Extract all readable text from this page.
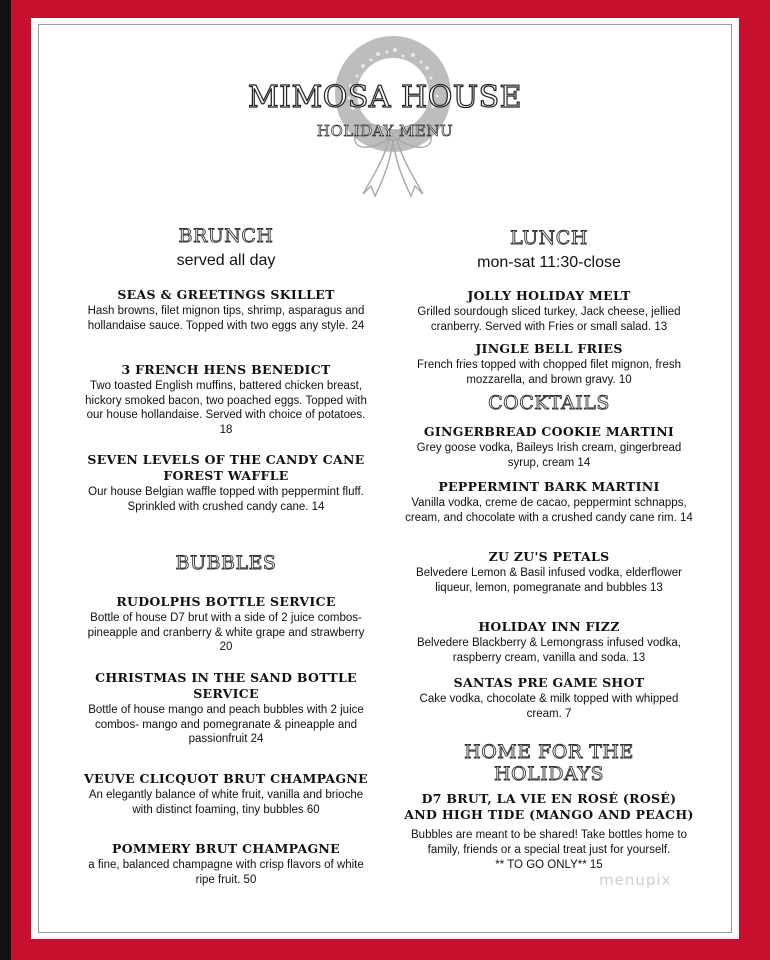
MIMOSA HOUSE
HOLIDAY MENU
BRUNCH
served all day
SEAS & GREETINGS SKILLET
Hash browns, filet mignon tips, shrimp, asparagus and hollandaise sauce. Topped with two eggs any style. 24
3 FRENCH HENS BENEDICT
Two toasted English muffins, battered chicken breast, hickory smoked bacon, two poached eggs. Topped with our house hollandaise. Served with choice of potatoes. 18
SEVEN LEVELS OF THE CANDY CANE FOREST WAFFLE
Our house Belgian waffle topped with peppermint fluff. Sprinkled with crushed candy cane. 14
BUBBLES
RUDOLPHS BOTTLE SERVICE
Bottle of house D7 brut with a side of 2 juice combos- pineapple and cranberry & white grape and strawberry 20
CHRISTMAS IN THE SAND BOTTLE SERVICE
Bottle of house mango and peach bubbles with 2 juice combos- mango and pomegranate & pineapple and passionfruit 24
VEUVE CLICQUOT BRUT CHAMPAGNE
An elegantly balance of white fruit, vanilla and brioche with distinct foaming, tiny bubbles 60
POMMERY BRUT CHAMPAGNE
a fine, balanced champagne with crisp flavors of white ripe fruit. 50
LUNCH
mon-sat 11:30-close
JOLLY HOLIDAY MELT
Grilled sourdough sliced turkey, Jack cheese, jellied cranberry. Served with Fries or small salad. 13
JINGLE BELL FRIES
French fries topped with chopped filet mignon, fresh mozzarella, and brown gravy. 10
COCKTAILS
GINGERBREAD COOKIE MARTINI
Grey goose vodka, Baileys Irish cream, gingerbread syrup, cream 14
PEPPERMINT BARK MARTINI
Vanilla vodka, creme de cacao, peppermint schnapps, cream, and chocolate with a crushed candy cane rim. 14
ZU ZU'S PETALS
Belvedere Lemon & Basil infused vodka, elderflower liqueur, lemon, pomegranate and bubbles 13
HOLIDAY INN FIZZ
Belvedere Blackberry & Lemongrass infused vodka, raspberry cream, vanilla and soda. 13
SANTAS PRE GAME SHOT
Cake vodka, chocolate & milk topped with whipped cream. 7
HOME FOR THE
HOLIDAYS
D7 BRUT, LA VIE EN ROSÉ (ROSÉ) AND HIGH TIDE (MANGO AND PEACH)
Bubbles are meant to be shared! Take bottles home to family, friends or a special treat just for yourself.
** TO GO ONLY** 15
menupix
